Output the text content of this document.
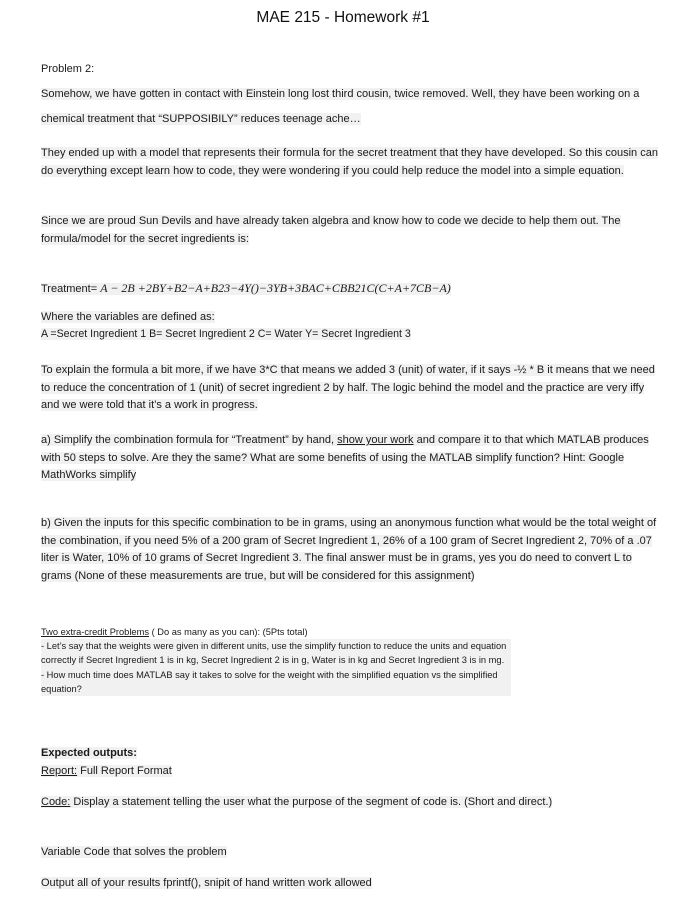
MAE 215 - Homework #1

Problem 2:

Somehow, we have gotten in contact with Einstein long lost third cousin, twice removed. Well, they have been working on a chemical treatment that “SUPPOSIBILY” reduces teenage ache…

They ended up with a model that represents their formula for the secret treatment that they have developed. So this cousin can do everything except learn how to code, they were wondering if you could help reduce the model into a simple equation.

Since we are proud Sun Devils and have already taken algebra and know how to code we decide to help them out. The formula/model for the secret ingredients is:

Treatment= A − 2B +2BY+B2−A+B23−4Y()−3YB+3BAC+CBB21C(C+A+7CB−A)

Where the variables are defined as:

A =Secret Ingredient 1 B= Secret Ingredient 2 C= Water Y= Secret Ingredient 3

To explain the formula a bit more, if we have 3*C that means we added 3 (unit) of water, if it says -½ * B it means that we need to reduce the concentration of 1 (unit) of secret ingredient 2 by half. The logic behind the model and the practice are very iffy and we were told that it’s a work in progress.

a) Simplify the combination formula for “Treatment” by hand, show your work and compare it to that which MATLAB produces with 50 steps to solve. Are they the same? What are some benefits of using the MATLAB simplify function? Hint: Google MathWorks simplify

b) Given the inputs for this specific combination to be in grams, using an anonymous function what would be the total weight of the combination, if you need 5% of a 200 gram of Secret Ingredient 1, 26% of a 100 gram of Secret Ingredient 2, 70% of a .07 liter is Water, 10% of 10 grams of Secret Ingredient 3. The final answer must be in grams, yes you do need to convert L to grams (None of these measurements are true, but will be considered for this assignment)

Two extra-credit Problems ( Do as many as you can): (5Pts total)
- Let’s say that the weights were given in different units, use the simplify function to reduce the units and equation correctly if Secret Ingredient 1 is in kg, Secret Ingredient 2 is in g, Water is in kg and Secret Ingredient 3 is in mg.
- How much time does MATLAB say it takes to solve for the weight with the simplified equation vs the simplified equation?

Expected outputs:

Report: Full Report Format

Code: Display a statement telling the user what the purpose of the segment of code is. (Short and direct.)

Variable Code that solves the problem

Output all of your results fprintf(), snipit of hand written work allowed
